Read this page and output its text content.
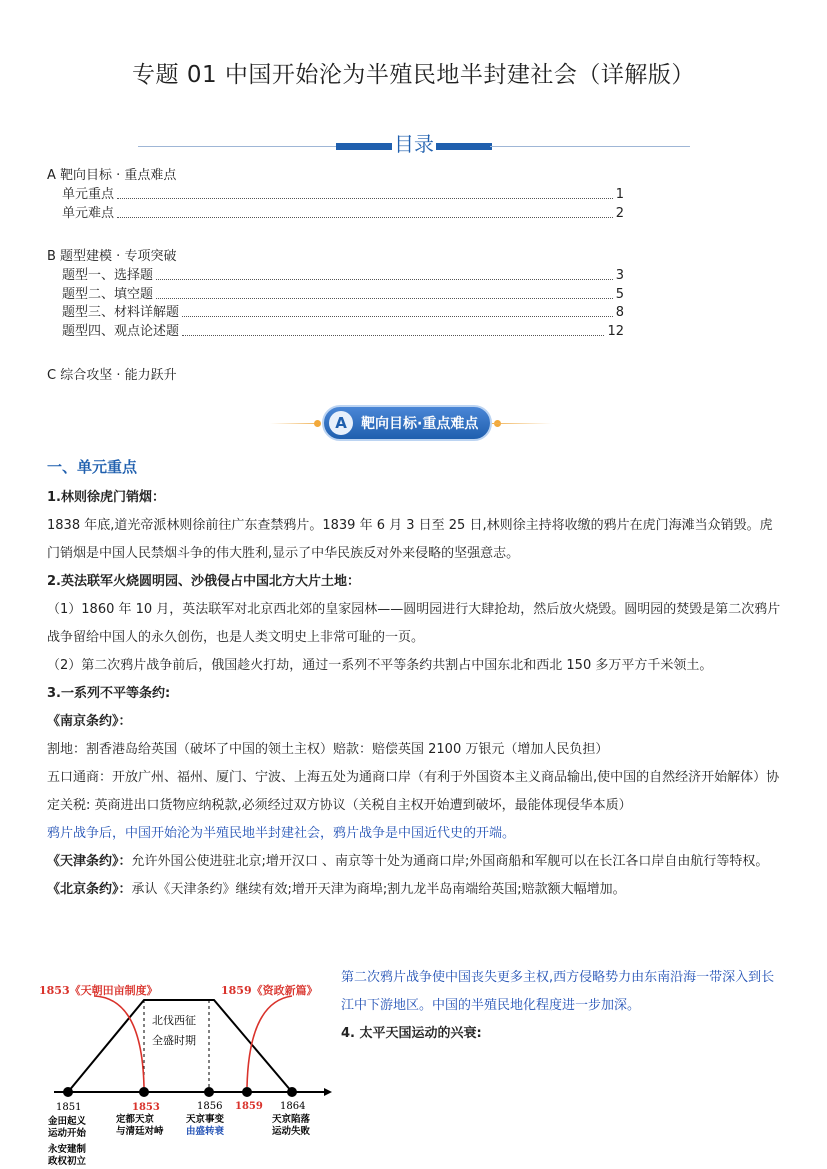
专题 01 中国开始沦为半殖民地半封建社会（详解版）
目录
A 靶向目标 · 重点难点
单元重点	1
单元难点	2
B 题型建模 · 专项突破
题型一、选择题	3
题型二、填空题	5
题型三、材料详解题	8
题型四、观点论述题	12
C 综合攻坚 · 能力跃升
A	靶向目标·重点难点
一、单元重点
1.林则徐虎门销烟：
1838 年底,道光帝派林则徐前往广东查禁鸦片。1839 年 6 月 3 日至 25 日,林则徐主持将收缴的鸦片在虎门海滩当众销毁。虎门销烟是中国人民禁烟斗争的伟大胜利,显示了中华民族反对外来侵略的坚强意志。
2.英法联军火烧圆明园、沙俄侵占中国北方大片土地：
（1）1860 年 10 月，英法联军对北京西北郊的皇家园林——圆明园进行大肆抢劫，然后放火烧毁。圆明园的焚毁是第二次鸦片战争留给中国人的永久创伤，也是人类文明史上非常可耻的一页。
（2）第二次鸦片战争前后，俄国趁火打劫，通过一系列不平等条约共割占中国东北和西北 150 多万平方千米领土。
3.一系列不平等条约:
《南京条约》：
割地：割香港岛给英国（破坏了中国的领土主权）赔款：赔偿英国 2100 万银元（增加人民负担）
五口通商：开放广州、福州、厦门、宁波、上海五处为通商口岸（有利于外国资本主义商品输出,使中国的自然经济开始解体）协定关税: 英商进出口货物应纳税款,必须经过双方协议（关税自主权开始遭到破坏，最能体现侵华本质）
鸦片战争后，中国开始沦为半殖民地半封建社会，鸦片战争是中国近代史的开端。
《天津条约》：允许外国公使进驻北京;增开汉口 、南京等十处为通商口岸;外国商船和军舰可以在长江各口岸自由航行等特权。
《北京条约》：承认《天津条约》继续有效;增开天津为商埠;割九龙半岛南端给英国;赔款额大幅增加。
1853《天朝田亩制度》	1859《资政新篇》
北伐西征
全盛时期
1851	1853	1856 1859 1864
金田起义
运动开始
永安建制
政权初立
定都天京
与清廷对峙
天京事变
由盛转衰
天京陷落
运动失败
第二次鸦片战争使中国丧失更多主权,西方侵略势力由东南沿海一带深入到长江中下游地区。中国的半殖民地化程度进一步加深。
4. 太平天国运动的兴衰:
